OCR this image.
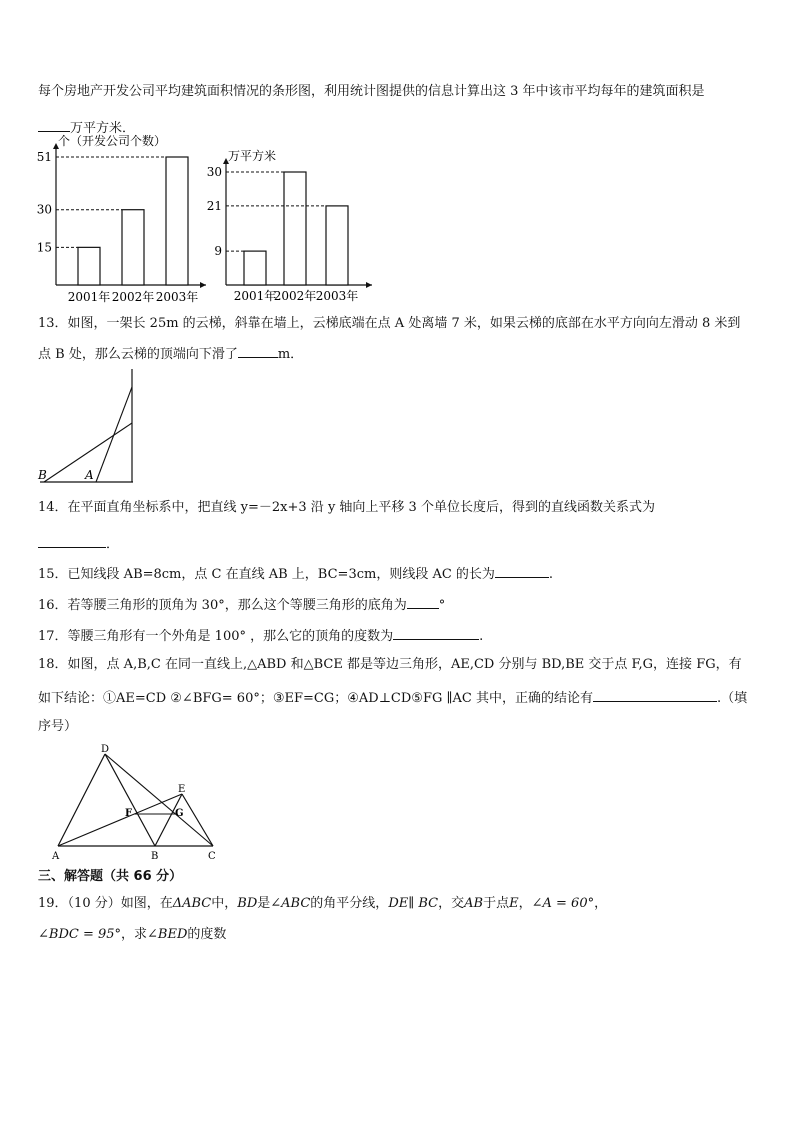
每个房地产开发公司平均建筑面积情况的条形图，利用统计图提供的信息计算出这 3 年中该市平均每年的建筑面积是
万平方米．
个（开发公司个数）
15
30
51
2001年 2002年 2003年
万平方米
9
21
30
2001年
2002年 2003年
13．如图，一架长 25m 的云梯，斜靠在墙上，云梯底端在点 A 处离墙 7 米，如果云梯的底部在水平方向向左滑动 8 米到
点 B 处，那么云梯的顶端向下滑了	m．
B	A
14．在平面直角坐标系中，把直线 y=－2x+3 沿 y 轴向上平移 3 个单位长度后，得到的直线函数关系式为
．
15．已知线段 AB=8cm，点 C 在直线 AB 上，BC=3cm，则线段 AC 的长为	.
16．若等腰三角形的顶角为 30°，那么这个等腰三角形的底角为 °
17．等腰三角形有一个外角是 100° ，那么它的顶角的度数为	.
18．如图，点 A,B,C 在同一直线上,△ABD 和△BCE 都是等边三角形，AE,CD 分别与 BD,BE 交于点 F,G，连接 FG，有
如下结论：①AE=CD ②∠BFG= 60°；③EF=CG；④AD⊥CD⑤FG ∥AC 其中，正确的结论有	.（填
序号）
D
E
F	G
A	B	C
三、解答题（共 66 分）
19．（10 分）如图，在ΔABC中，BD是∠ABC的角平分线，DE∥ BC，交AB于点E，∠A = 60°，
∠BDC = 95°，求∠BED的度数
